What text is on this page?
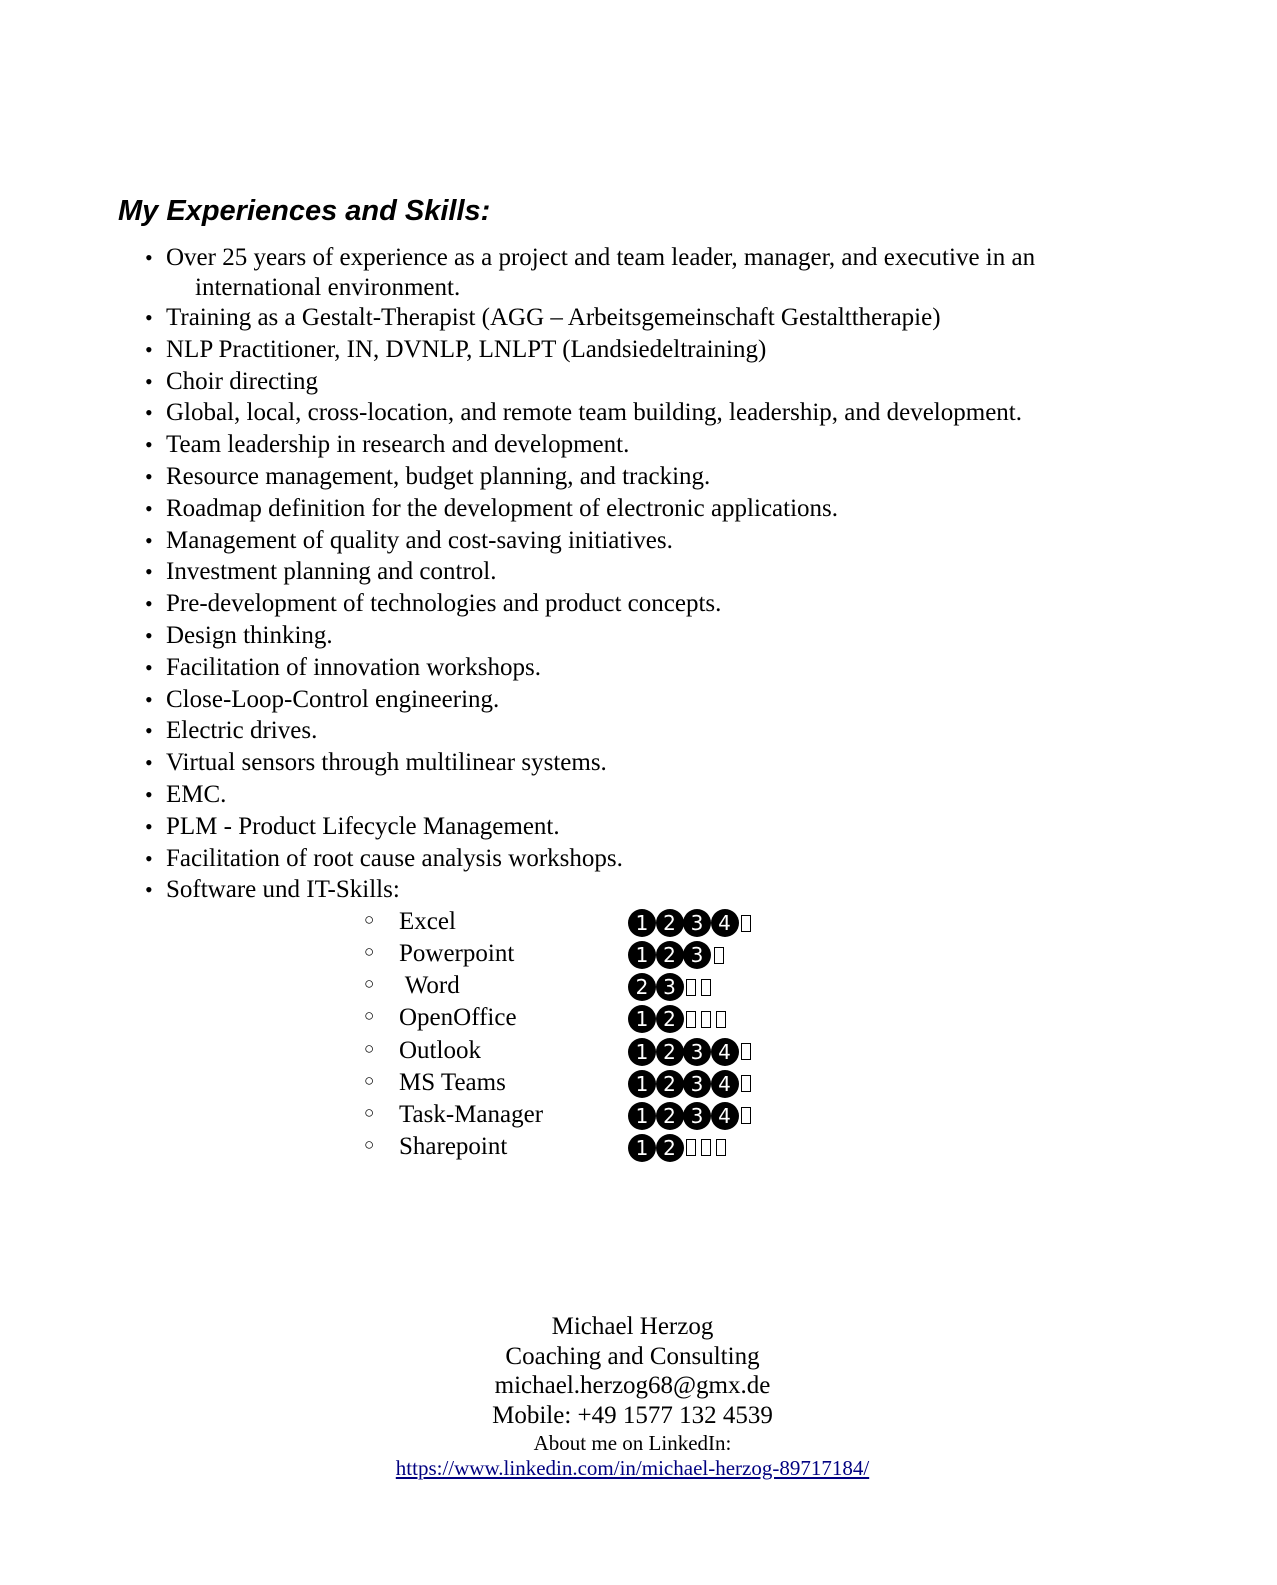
My Experiences and Skills:
• Over 25 years of experience as a project and team leader, manager, and executive in an
international environment.
• Training as a Gestalt-Therapist (AGG – Arbeitsgemeinschaft Gestalttherapie)
• NLP Practitioner, IN, DVNLP, LNLPT (Landsiedeltraining)
• Choir directing
• Global, local, cross-location, and remote team building, leadership, and development.
• Team leadership in research and development.
• Resource management, budget planning, and tracking.
• Roadmap definition for the development of electronic applications.
• Management of quality and cost-saving initiatives.
• Investment planning and control.
• Pre-development of technologies and product concepts.
• Design thinking.
• Facilitation of innovation workshops.
• Close-Loop-Control engineering.
• Electric drives.
• Virtual sensors through multilinear systems.
• EMC.
• PLM - Product Lifecycle Management.
• Facilitation of root cause analysis workshops.
• Software und IT-Skills:
○ Excel	1 2 3 4
○ Powerpoint	1 2 3
○ Word	2 3
○ OpenOffice	1 2
○ Outlook	1 2 3 4
○ MS Teams	1 2 3 4
○ Task-Manager	1 2 3 4
○ Sharepoint	1 2
Michael Herzog
Coaching and Consulting
michael.herzog68@gmx.de
Mobile: +49 1577 132 4539
About me on LinkedIn:
https://www.linkedin.com/in/michael-herzog-89717184/
